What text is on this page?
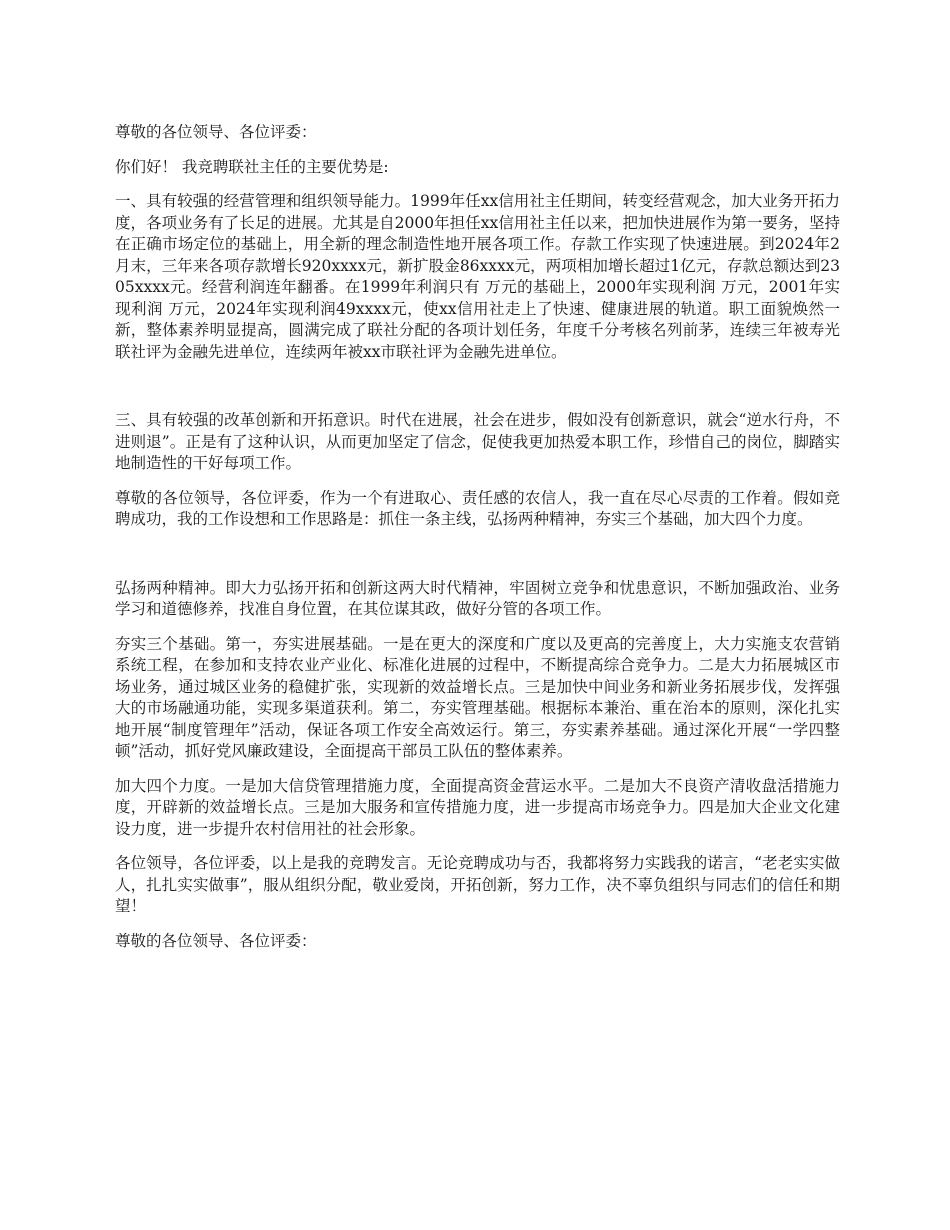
尊敬的各位领导、各位评委：

你们好！ 我竞聘联社主任的主要优势是:

一、具有较强的经营管理和组织领导能力。1999年任xx信用社主任期间，转变经营观念，加大业务开拓力度，各项业务有了长足的进展。尤其是自2000年担任xx信用社主任以来，把加快进展作为第一要务，坚持在正确市场定位的基础上，用全新的理念制造性地开展各项工作。存款工作实现了快速进展。到2024年2月末，三年来各项存款增长920xxxx元，新扩股金86xxxx元，两项相加增长超过1亿元，存款总额达到2305xxxx元。经营利润连年翻番。在1999年利润只有 万元的基础上，2000年实现利润 万元，2001年实现利润 万元，2024年实现利润49xxxx元，使xx信用社走上了快速、健康进展的轨道。职工面貌焕然一新，整体素养明显提高，圆满完成了联社分配的各项计划任务，年度千分考核名列前茅，连续三年被寿光联社评为金融先进单位，连续两年被xx市联社评为金融先进单位。

三、具有较强的改革创新和开拓意识。时代在进展，社会在进步，假如没有创新意识，就会“逆水行舟，不进则退”。正是有了这种认识，从而更加坚定了信念，促使我更加热爱本职工作，珍惜自己的岗位，脚踏实地制造性的干好每项工作。

尊敬的各位领导，各位评委，作为一个有进取心、责任感的农信人，我一直在尽心尽责的工作着。假如竞聘成功，我的工作设想和工作思路是：抓住一条主线，弘扬两种精神，夯实三个基础，加大四个力度。

弘扬两种精神。即大力弘扬开拓和创新这两大时代精神，牢固树立竞争和忧患意识，不断加强政治、业务学习和道德修养，找准自身位置，在其位谋其政，做好分管的各项工作。

夯实三个基础。第一，夯实进展基础。一是在更大的深度和广度以及更高的完善度上，大力实施支农营销系统工程，在参加和支持农业产业化、标准化进展的过程中，不断提高综合竞争力。二是大力拓展城区市场业务，通过城区业务的稳健扩张，实现新的效益增长点。三是加快中间业务和新业务拓展步伐，发挥强大的市场融通功能，实现多渠道获利。第二，夯实管理基础。根据标本兼治、重在治本的原则，深化扎实地开展“制度管理年”活动，保证各项工作安全高效运行。第三，夯实素养基础。通过深化开展“一学四整顿”活动，抓好党风廉政建设，全面提高干部员工队伍的整体素养。

加大四个力度。一是加大信贷管理措施力度，全面提高资金营运水平。二是加大不良资产清收盘活措施力度，开辟新的效益增长点。三是加大服务和宣传措施力度，进一步提高市场竞争力。四是加大企业文化建设力度，进一步提升农村信用社的社会形象。

各位领导，各位评委，以上是我的竞聘发言。无论竞聘成功与否，我都将努力实践我的诺言，“老老实实做人，扎扎实实做事”，服从组织分配，敬业爱岗，开拓创新，努力工作，决不辜负组织与同志们的信任和期望！

尊敬的各位领导、各位评委：
